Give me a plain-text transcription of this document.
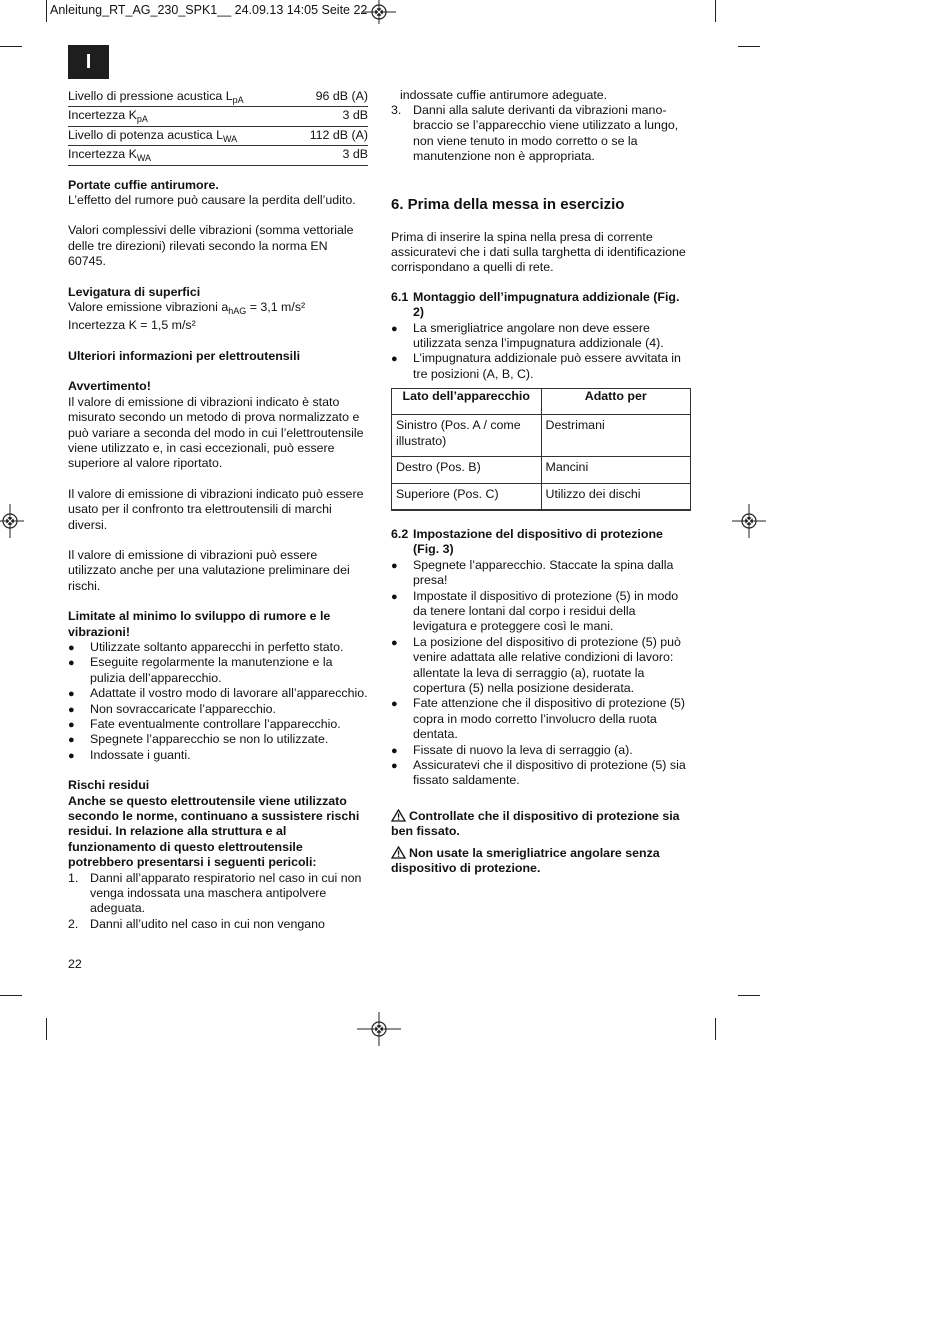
Anleitung_RT_AG_230_SPK1__ 24.09.13 14:05 Seite 22
I
Livello di pressione acustica $L_{pA}$	96 dB (A)
Incertezza $K_{pA}$	3 dB
Livello di potenza acustica $L_{WA}$	112 dB (A)
Incertezza $K_{WA}$	3 dB

Portate cuffie antirumore.

L’effetto del rumore può causare la perdita dell’udito.

Valori complessivi delle vibrazioni (somma vettoriale delle tre direzioni) rilevati secondo la norma EN 60745.

Levigatura di superfici

Valore emissione vibrazioni $a_{hAG} = 3,1$ m/s²

Incertezza K = 1,5 m/s²

Ulteriori informazioni per elettroutensili

Avvertimento!

Il valore di emissione di vibrazioni indicato è stato misurato secondo un metodo di prova normalizzato e può variare a seconda del modo in cui l’elettroutensile viene utilizzato e, in casi eccezionali, può essere superiore al valore riportato.

Il valore di emissione di vibrazioni indicato può essere usato per il confronto tra elettroutensili di marchi diversi.

Il valore di emissione di vibrazioni può essere utilizzato anche per una valutazione preliminare dei rischi.

Limitate al minimo lo sviluppo di rumore e le vibrazioni!

● Utilizzate soltanto apparecchi in perfetto stato.
● Eseguite regolarmente la manutenzione e la pulizia dell’apparecchio.
● Adattate il vostro modo di lavorare all’apparecchio.
● Non sovraccaricate l’apparecchio.
● Fate eventualmente controllare l’apparecchio.
● Spegnete l’apparecchio se non lo utilizzate.
● Indossate i guanti.

Rischi residui

Anche se questo elettroutensile viene utilizzato secondo le norme, continuano a sussistere rischi residui. In relazione alla struttura e al funzionamento di questo elettroutensile potrebbero presentarsi i seguenti pericoli:

1. Danni all’apparato respiratorio nel caso in cui non venga indossata una maschera antipolvere adeguata.
2. Danni all’udito nel caso in cui non vengano
22
indossate cuffie antirumore adeguate.
3. Danni alla salute derivanti da vibrazioni mano-braccio se l’apparecchio viene utilizzato a lungo, non viene tenuto in modo corretto o se la manutenzione non è appropriata.
6. Prima della messa in esercizio

Prima di inserire la spina nella presa di corrente assicuratevi che i dati sulla targhetta di identificazione corrispondano a quelli di rete.

6.1 Montaggio dell’impugnatura addizionale (Fig. 2)
● La smerigliatrice angolare non deve essere utilizzata senza l’impugnatura addizionale (4).
● L’impugnatura addizionale può essere avvitata in tre posizioni (A, B, C).
Lato dell’apparecchio	Adatto per
Sinistro (Pos. A / come illustrato)	Destrimani
Destro (Pos. B)	Mancini
Superiore (Pos. C)	Utilizzo dei dischi
6.2 Impostazione del dispositivo di protezione (Fig. 3)
● Spegnete l’apparecchio. Staccate la spina dalla presa!
● Impostate il dispositivo di protezione (5) in modo da tenere lontani dal corpo i residui della levigatura e proteggere così le mani.
● La posizione del dispositivo di protezione (5) può venire adattata alle relative condizioni di lavoro: allentate la leva di serraggio (a), ruotate la copertura (5) nella posizione desiderata.
● Fate attenzione che il dispositivo di protezione (5) copra in modo corretto l’involucro della ruota dentata.
● Fissate di nuovo la leva di serraggio (a).
● Assicuratevi che il dispositivo di protezione (5) sia fissato saldamente.

Controllate che il dispositivo di protezione sia ben fissato.

Non usate la smerigliatrice angolare senza dispositivo di protezione.
